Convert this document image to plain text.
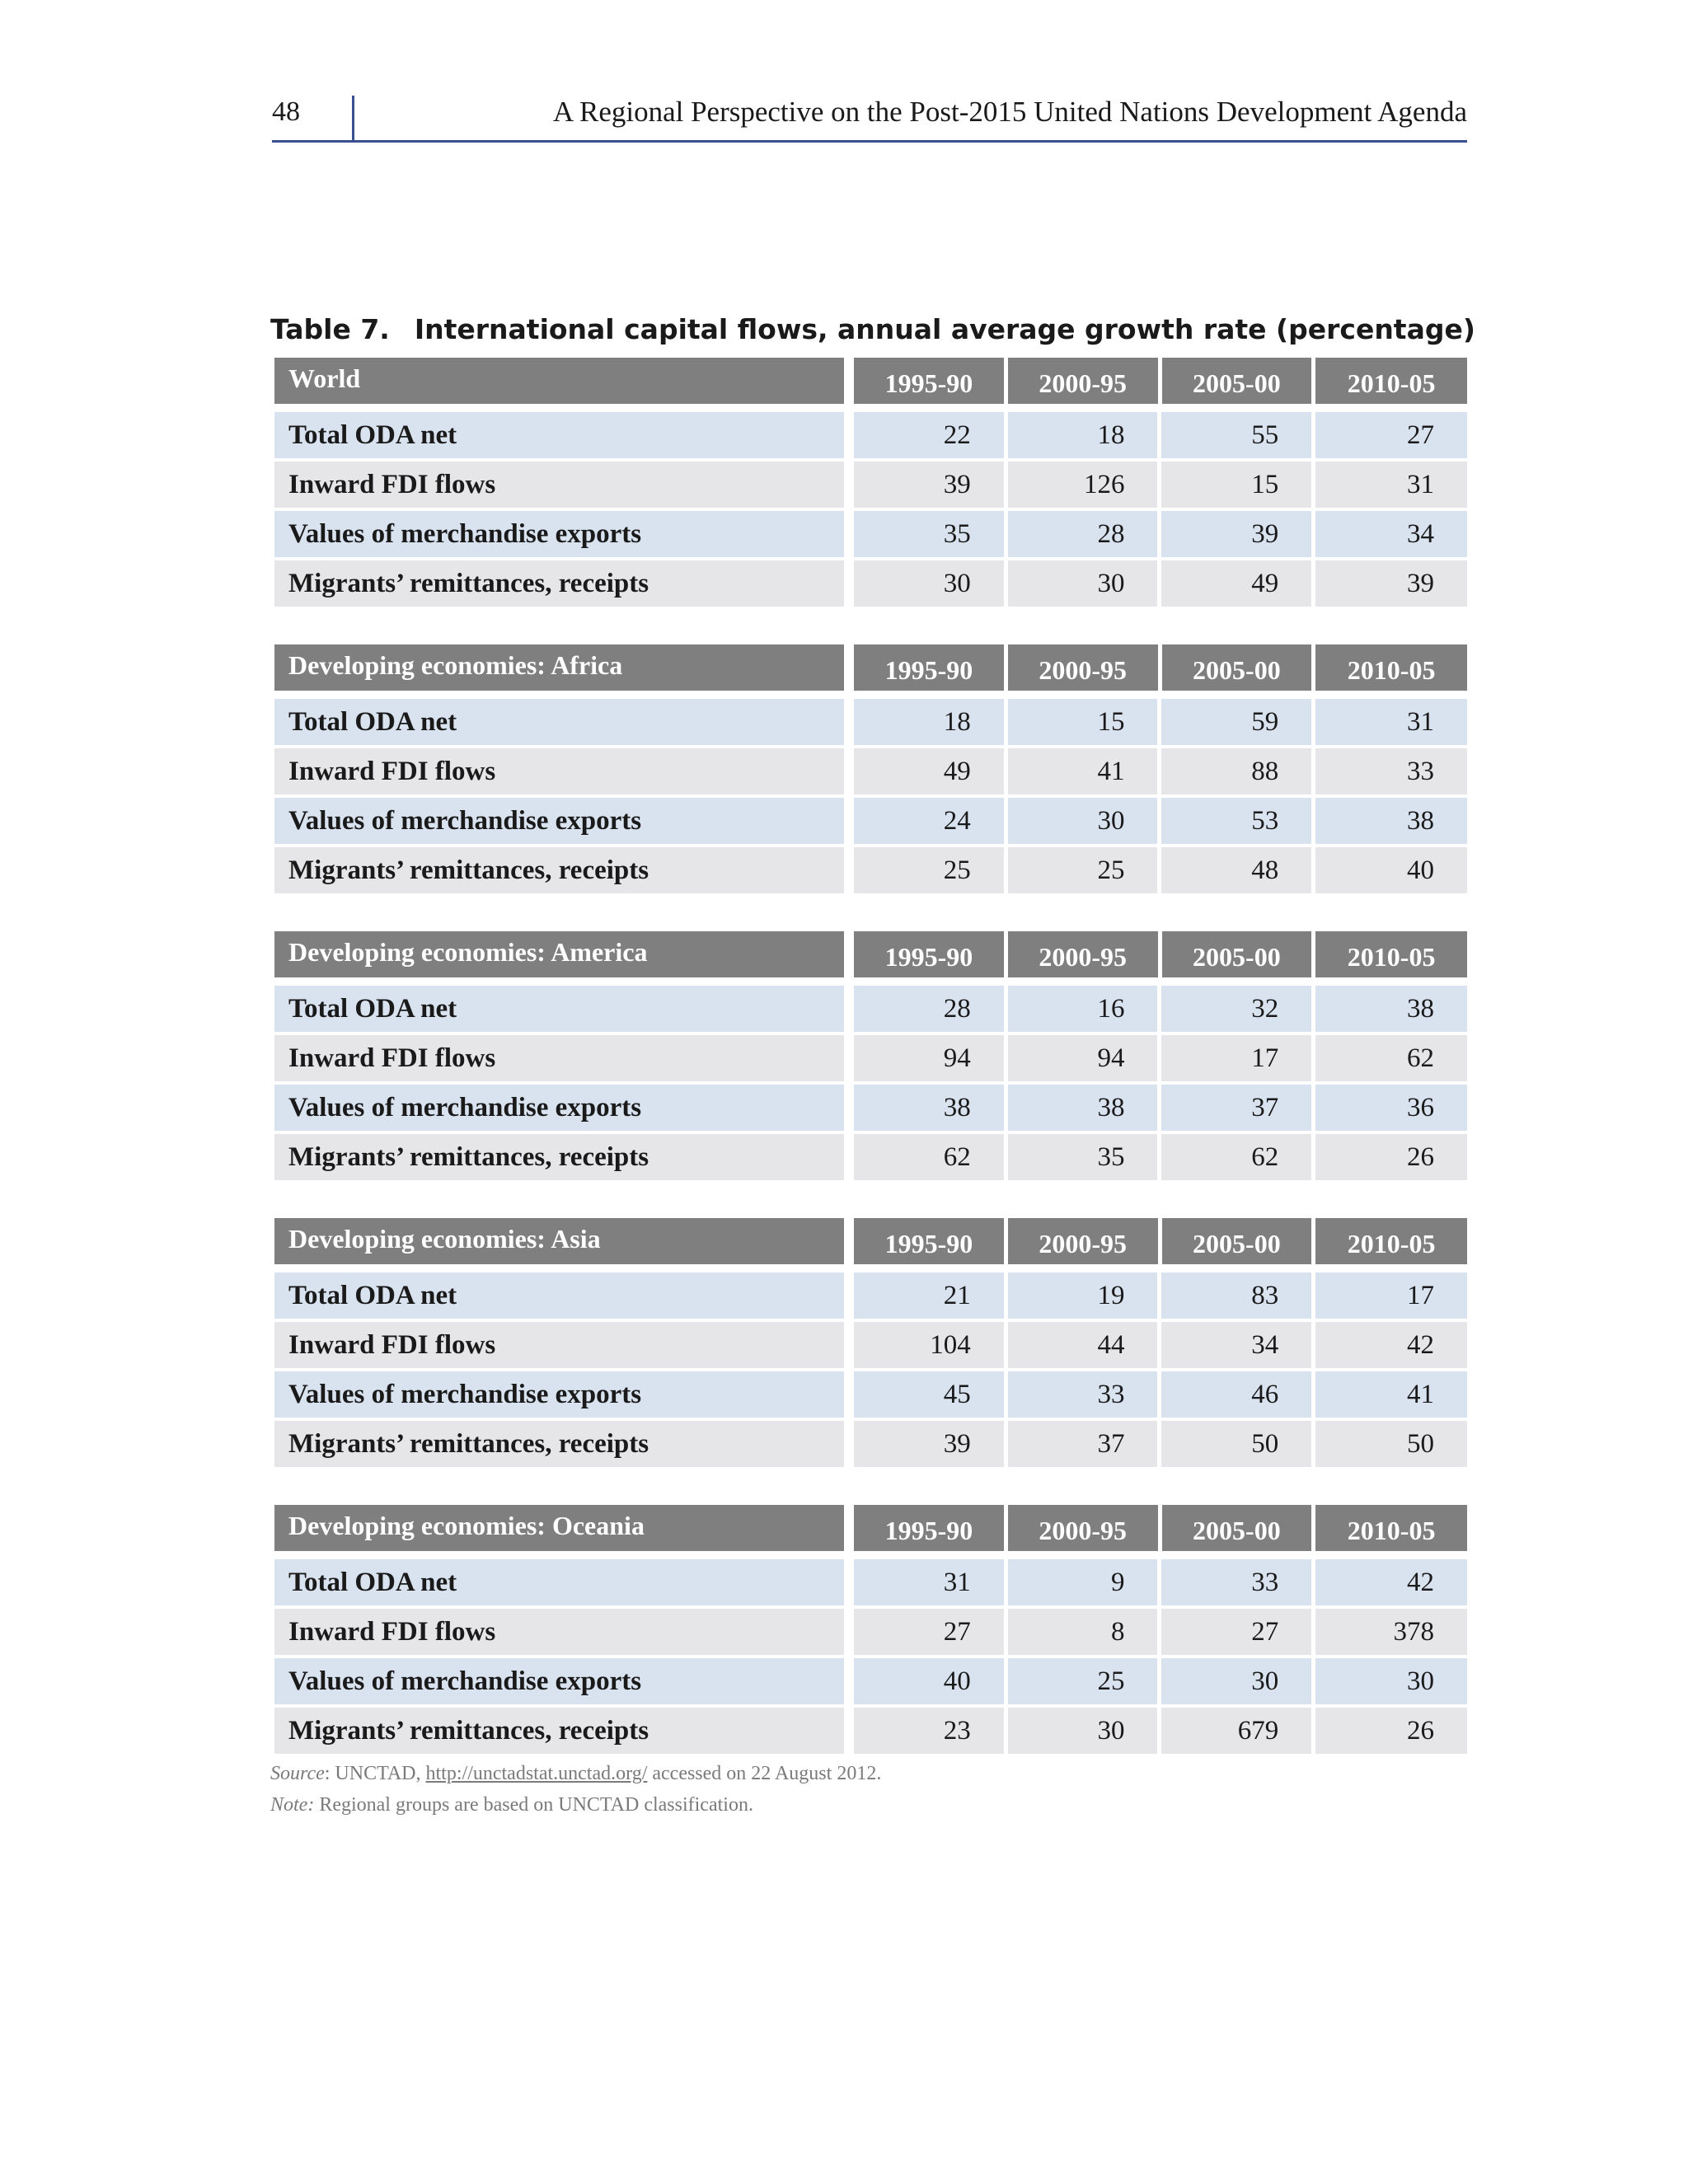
48	A Regional Perspective on the Post-2015 United Nations Development Agenda
Table 7. International capital flows, annual average growth rate (percentage)
World	1995-90	2000-95	2005-00	2010-05
Total ODA net	22	18	55	27
Inward FDI flows	39	126	15	31
Values of merchandise exports	35	28	39	34
Migrants’ remittances, receipts	30	30	49	39
Developing economies: Africa	1995-90	2000-95	2005-00	2010-05
Total ODA net	18	15	59	31
Inward FDI flows	49	41	88	33
Values of merchandise exports	24	30	53	38
Migrants’ remittances, receipts	25	25	48	40
Developing economies: America	1995-90	2000-95	2005-00	2010-05
Total ODA net	28	16	32	38
Inward FDI flows	94	94	17	62
Values of merchandise exports	38	38	37	36
Migrants’ remittances, receipts	62	35	62	26
Developing economies: Asia	1995-90	2000-95	2005-00	2010-05
Total ODA net	21	19	83	17
Inward FDI flows	104	44	34	42
Values of merchandise exports	45	33	46	41
Migrants’ remittances, receipts	39	37	50	50
Developing economies: Oceania	1995-90	2000-95	2005-00	2010-05
Total ODA net	31	9	33	42
Inward FDI flows	27	8	27	378
Values of merchandise exports	40	25	30	30
Migrants’ remittances, receipts	23	30	679	26
Source: UNCTAD, http://unctadstat.unctad.org/ accessed on 22 August 2012.
Note: Regional groups are based on UNCTAD classification.
